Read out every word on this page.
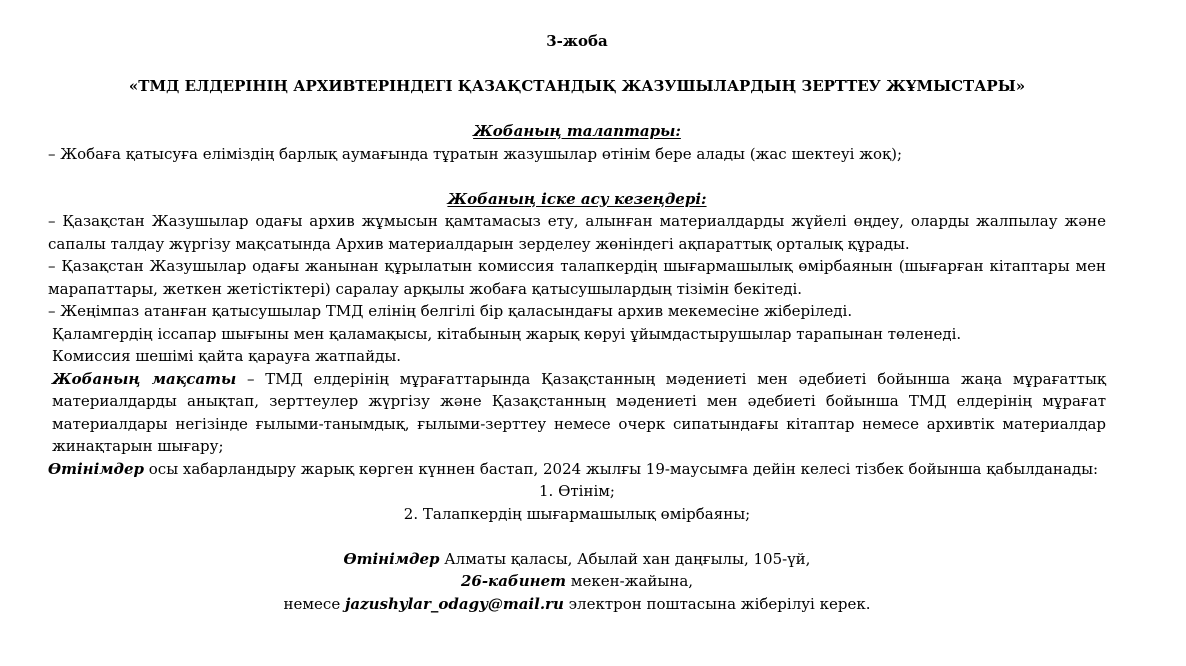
3-жоба

«ТМД ЕЛДЕРІНІҢ АРХИВТЕРІНДЕГІ ҚАЗАҚСТАНДЫҚ ЖАЗУШЫЛАРДЫҢ ЗЕРТТЕУ ЖҰМЫСТАРЫ»

Жобаның талаптары:

– Жобаға қатысуға еліміздің барлық аумағында тұратын жазушылар өтінім бере алады (жас шектеуі жоқ);

Жобаның іске асу кезеңдері:

– Қазақстан Жазушылар одағы архив жұмысын қамтамасыз ету, алынған материалдарды жүйелі өңдеу, оларды жалпылау және сапалы талдау жүргізу мақсатында Архив материалдарын зерделеу жөніндегі ақпараттық орталық құрады.

– Қазақстан Жазушылар одағы жанынан құрылатын комиссия талапкердің шығармашылық өмірбаянын (шығарған кітаптары мен марапаттары, жеткен жетістіктері) саралау арқылы жобаға қатысушылардың тізімін бекітеді.

– Жеңімпаз атанған қатысушылар ТМД елінің белгілі бір қаласындағы архив мекемесіне жіберіледі.

Қаламгердің іссапар шығыны мен қаламақысы, кітабының жарық көруі ұйымдастырушылар тарапынан төленеді.

Комиссия шешімі қайта қарауға жатпайды.

Жобаның мақсаты – ТМД елдерінің мұрағаттарында Қазақстанның мәдениеті мен әдебиеті бойынша жаңа мұрағаттық материалдарды анықтап, зерттеулер жүргізу және Қазақстанның мәдениеті мен әдебиеті бойынша ТМД елдерінің мұрағат материалдары негізінде ғылыми-танымдық, ғылыми-зерттеу немесе очерк сипатындағы кітаптар немесе архивтік материалдар жинақтарын шығару;

Өтінімдер осы хабарландыру жарық көрген күннен бастап, 2024 жылғы 19-маусымға дейін келесі тізбек бойынша қабылданады:

1. Өтінім;

2. Талапкердің шығармашылық өмірбаяны;

Өтінімдер Алматы қаласы, Абылай хан даңғылы, 105-үй,

26-кабинет мекен-жайына,

немесе jazushylar_odagy@mail.ru электрон поштасына жіберілуі керек.
